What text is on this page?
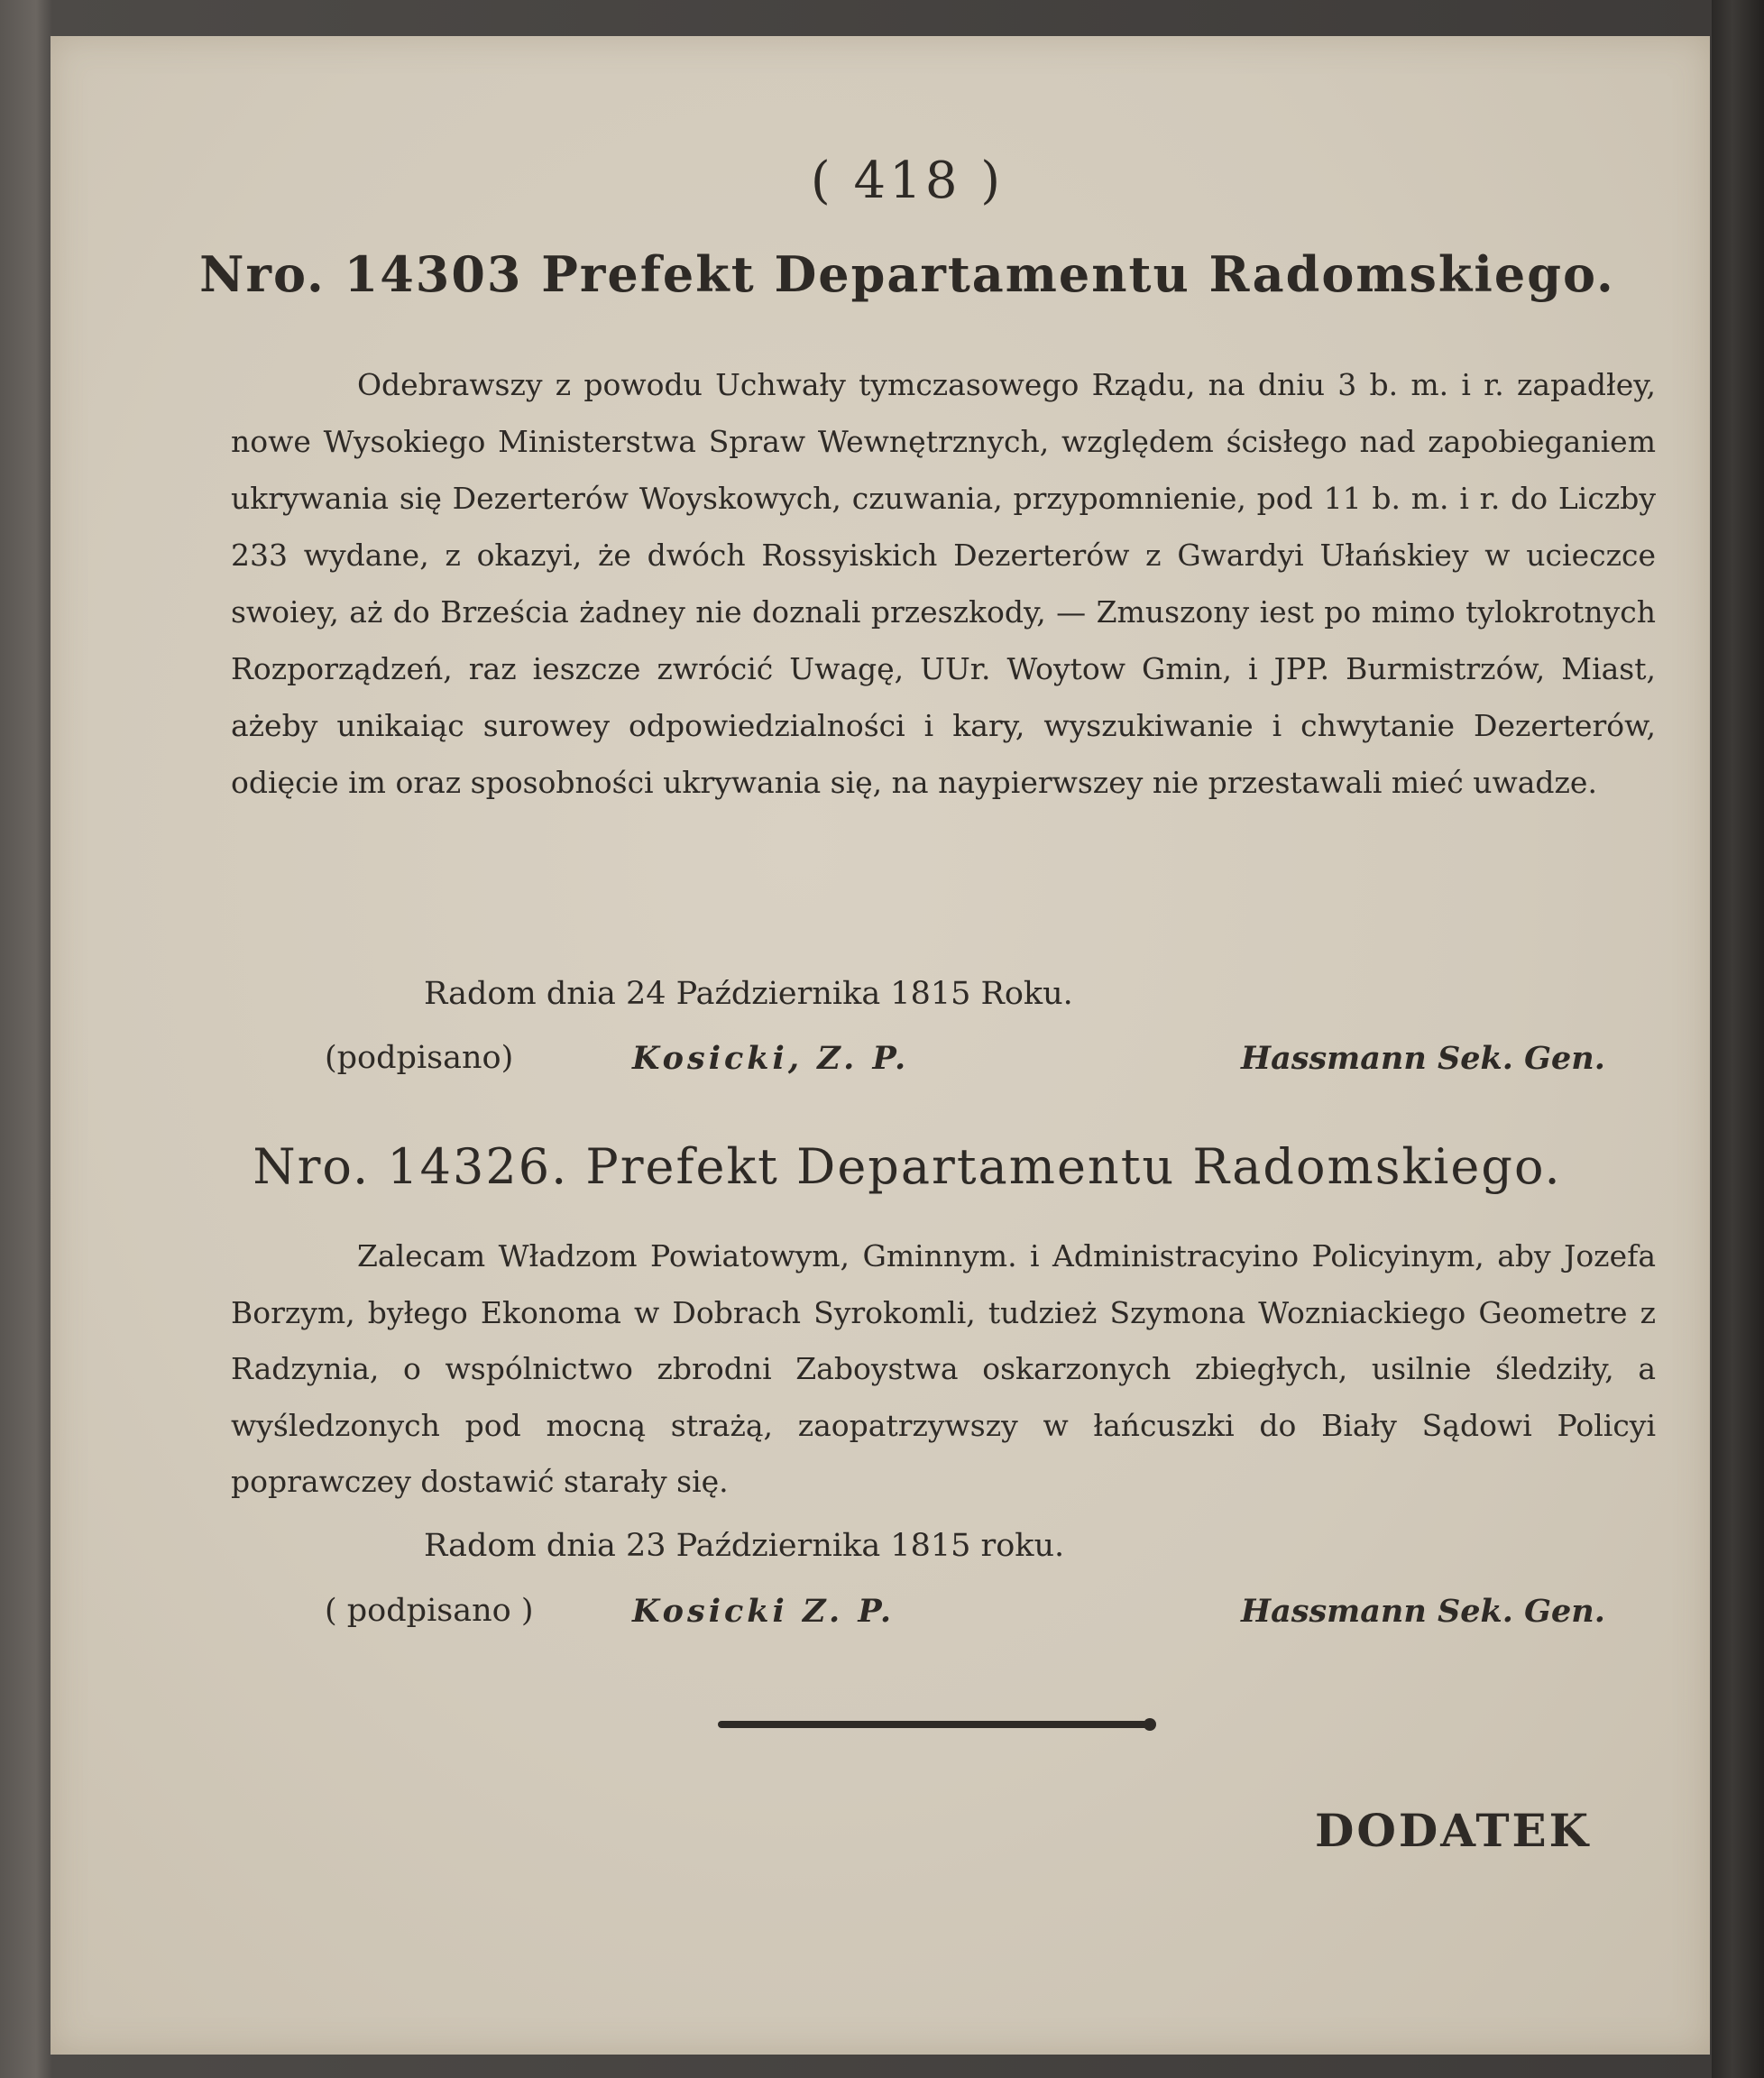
( 418 )
Nro. 14303 Prefekt Departamentu Radomskiego.
Odebrawszy z powodu Uchwały tymczasowego Rządu, na dniu 3 b. m. i r. zapadłey, nowe Wysokiego Ministerstwa Spraw Wewnętrznych, względem ścisłego nad zapobieganiem ukrywania się Dezerterów Woyskowych, czuwania, przypomnienie, pod 11 b. m. i r. do Liczby 233 wydane, z okazyi, że dwóch Rossyiskich Dezerterów z Gwardyi Ułańskiey w ucieczce swoiey, aż do Brześcia żadney nie doznali przeszkody, — Zmuszony iest po mimo tylokrotnych Rozporządzeń, raz ieszcze zwrócić Uwagę, UUr. Woytow Gmin, i JPP. Burmistrzów, Miast, ażeby unikaiąc surowey odpowiedzialności i kary, wyszukiwanie i chwytanie Dezerterów, odięcie im oraz sposobności ukrywania się, na naypierwszey nie przestawali mieć uwadze.
Radom dnia 24 Października 1815 Roku.
(podpisano)	Kosicki, Z. P.	Hassmann Sek. Gen.
Nro. 14326. Prefekt Departamentu Radomskiego.
Zalecam Władzom Powiatowym, Gminnym. i Administracyino Policyinym, aby Jozefa Borzym, byłego Ekonoma w Dobrach Syrokomli, tudzież Szymona Wozniackiego Geometre z Radzynia, o wspólnictwo zbrodni Zaboystwa oskarzonych zbiegłych, usilnie śledziły, a wyśledzonych pod mocną strażą, zaopatrzywszy w łańcuszki do Biały Sądowi Policyi poprawczey dostawić starały się.
Radom dnia 23 Października 1815 roku.
( podpisano )	Kosicki Z. P.	Hassmann Sek. Gen.
DODATEK
